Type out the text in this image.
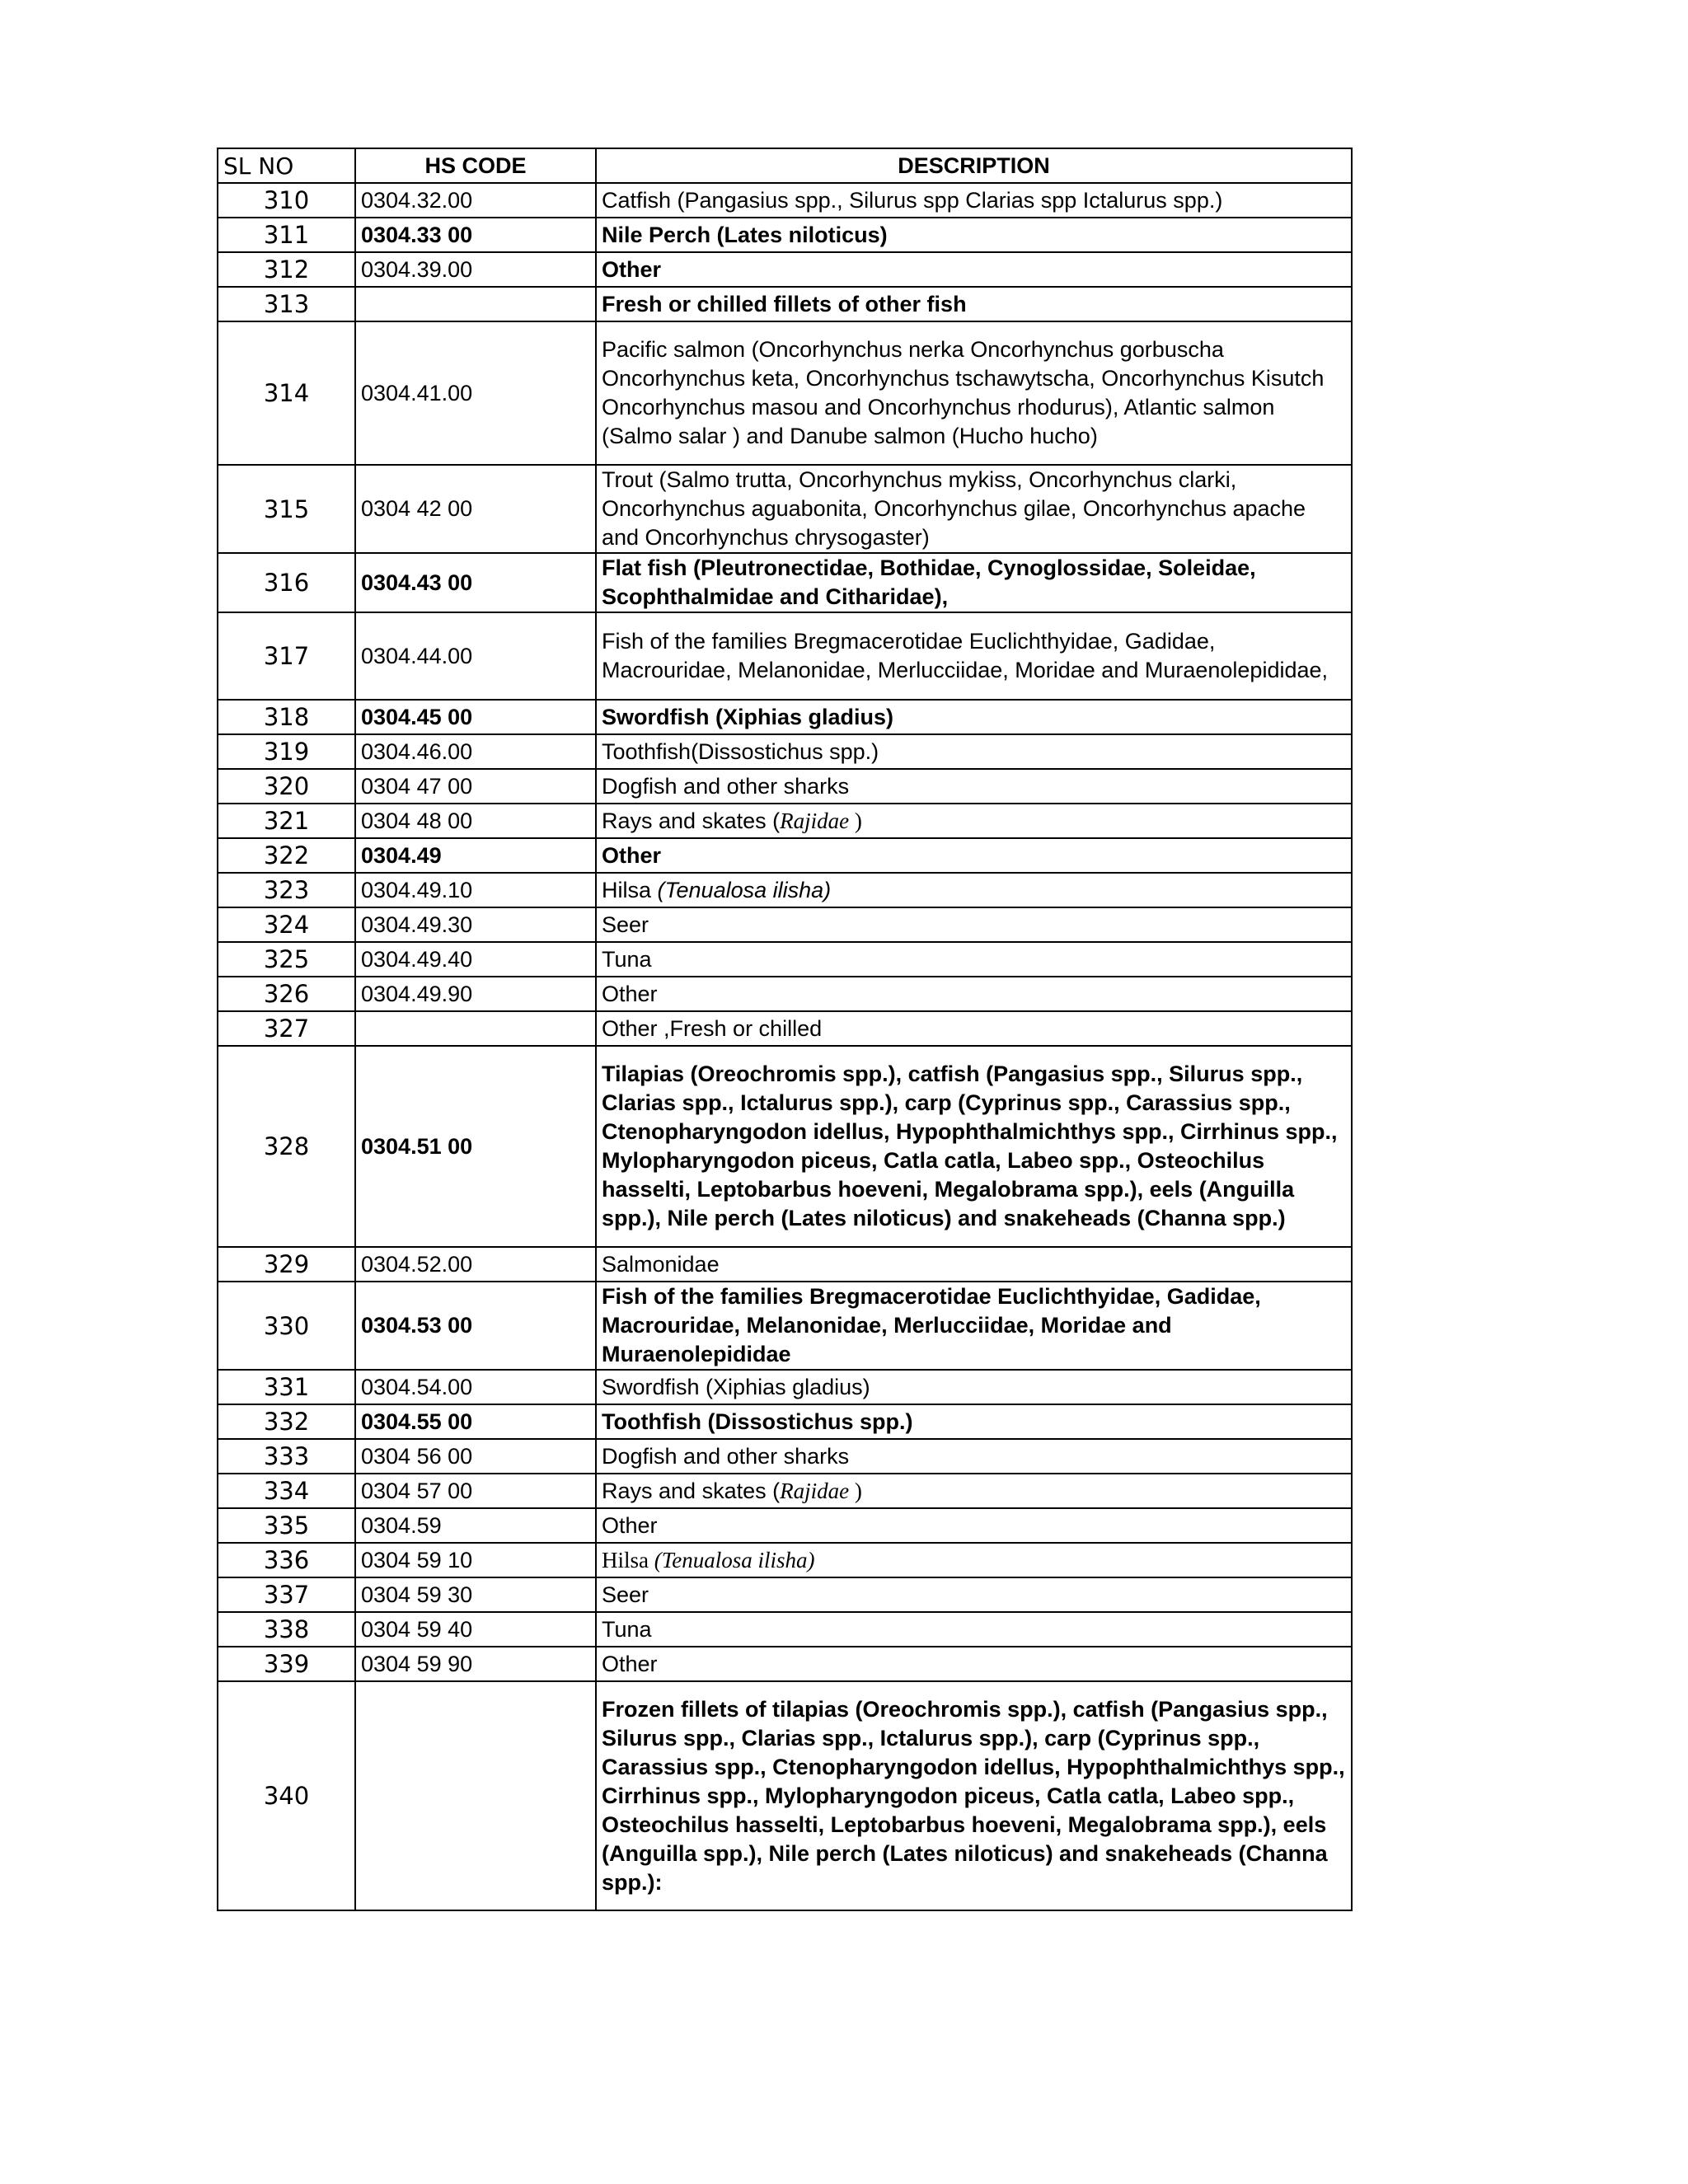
SL NO	HS CODE	DESCRIPTION
310	0304.32.00	Catfish (Pangasius spp., Silurus spp Clarias spp Ictalurus spp.)
311	0304.33 00	Nile Perch (Lates niloticus)
312	0304.39.00	Other
313		Fresh or chilled fillets of other fish
314	0304.41.00	Pacific salmon (Oncorhynchus nerka Oncorhynchus gorbuscha Oncorhynchus keta, Oncorhynchus tschawytscha, Oncorhynchus Kisutch Oncorhynchus masou and Oncorhynchus rhodurus), Atlantic salmon (Salmo salar ) and Danube salmon (Hucho hucho)
315	0304 42 00	Trout (Salmo trutta, Oncorhynchus mykiss, Oncorhynchus clarki, Oncorhynchus aguabonita, Oncorhynchus gilae, Oncorhynchus apache and Oncorhynchus chrysogaster)
316	0304.43 00	Flat fish (Pleutronectidae, Bothidae, Cynoglossidae, Soleidae, Scophthalmidae and Citharidae),
317	0304.44.00	Fish of the families Bregmacerotidae Euclichthyidae, Gadidae, Macrouridae, Melanonidae, Merlucciidae, Moridae and Muraenolepididae,
318	0304.45 00	Swordfish (Xiphias gladius)
319	0304.46.00	Toothfish(Dissostichus spp.)
320	0304 47 00	Dogfish and other sharks
321	0304 48 00	Rays and skates (Rajidae )
322	0304.49	Other
323	0304.49.10	Hilsa (Tenualosa ilisha)
324	0304.49.30	Seer
325	0304.49.40	Tuna
326	0304.49.90	Other
327		Other ,Fresh or chilled
328	0304.51 00	Tilapias (Oreochromis spp.), catfish (Pangasius spp., Silurus spp., Clarias spp., Ictalurus spp.), carp (Cyprinus spp., Carassius spp., Ctenopharyngodon idellus, Hypophthalmichthys spp., Cirrhinus spp., Mylopharyngodon piceus, Catla catla, Labeo spp., Osteochilus hasselti, Leptobarbus hoeveni, Megalobrama spp.), eels (Anguilla spp.), Nile perch (Lates niloticus) and snakeheads (Channa spp.)
329	0304.52.00	Salmonidae
330	0304.53 00	Fish of the families Bregmacerotidae Euclichthyidae, Gadidae, Macrouridae, Melanonidae, Merlucciidae, Moridae and Muraenolepididae
331	0304.54.00	Swordfish (Xiphias gladius)
332	0304.55 00	Toothfish (Dissostichus spp.)
333	0304 56 00	Dogfish and other sharks
334	0304 57 00	Rays and skates (Rajidae )
335	0304.59	Other
336	0304 59 10	Hilsa (Tenualosa ilisha)
337	0304 59 30	Seer
338	0304 59 40	Tuna
339	0304 59 90	Other
340		Frozen fillets of tilapias (Oreochromis spp.), catfish (Pangasius spp., Silurus spp., Clarias spp., Ictalurus spp.), carp (Cyprinus spp., Carassius spp., Ctenopharyngodon idellus, Hypophthalmichthys spp., Cirrhinus spp., Mylopharyngodon piceus, Catla catla, Labeo spp., Osteochilus hasselti, Leptobarbus hoeveni, Megalobrama spp.), eels (Anguilla spp.), Nile perch (Lates niloticus) and snakeheads (Channa spp.):
